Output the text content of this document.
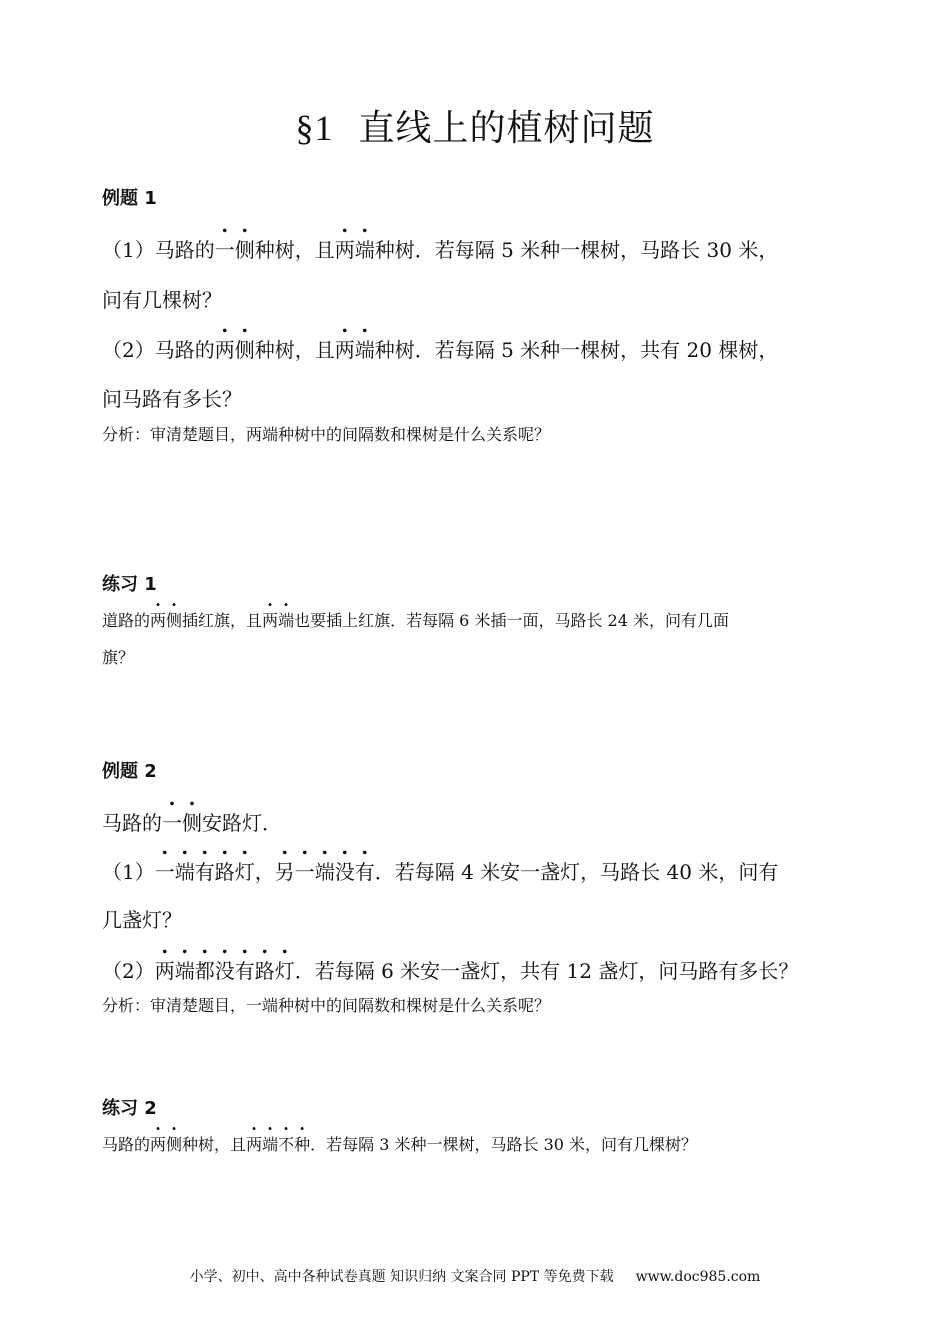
§1 直线上的植树问题
例题 1
（1）马路的一侧种树，且两端种树．若每隔 5 米种一棵树，马路长 30 米，
问有几棵树？
（2）马路的两侧种树，且两端种树．若每隔 5 米种一棵树，共有 20 棵树，
问马路有多长？
分析：审清楚题目，两端种树中的间隔数和棵树是什么关系呢？
练习 1
道路的两侧插红旗，且两端也要插上红旗．若每隔 6 米插一面，马路长 24 米，问有几面
旗？
例题 2
马路的一侧安路灯．
（1）一端有路灯，另一端没有．若每隔 4 米安一盏灯，马路长 40 米，问有
几盏灯？
（2）两端都没有路灯．若每隔 6 米安一盏灯，共有 12 盏灯，问马路有多长？
分析：审清楚题目，一端种树中的间隔数和棵树是什么关系呢？
练习 2
马路的两侧种树，且两端不种．若每隔 3 米种一棵树，马路长 30 米，问有几棵树？
小学、初中、高中各种试卷真题 知识归纳 文案合同 PPT 等免费下载 www.doc985.com
